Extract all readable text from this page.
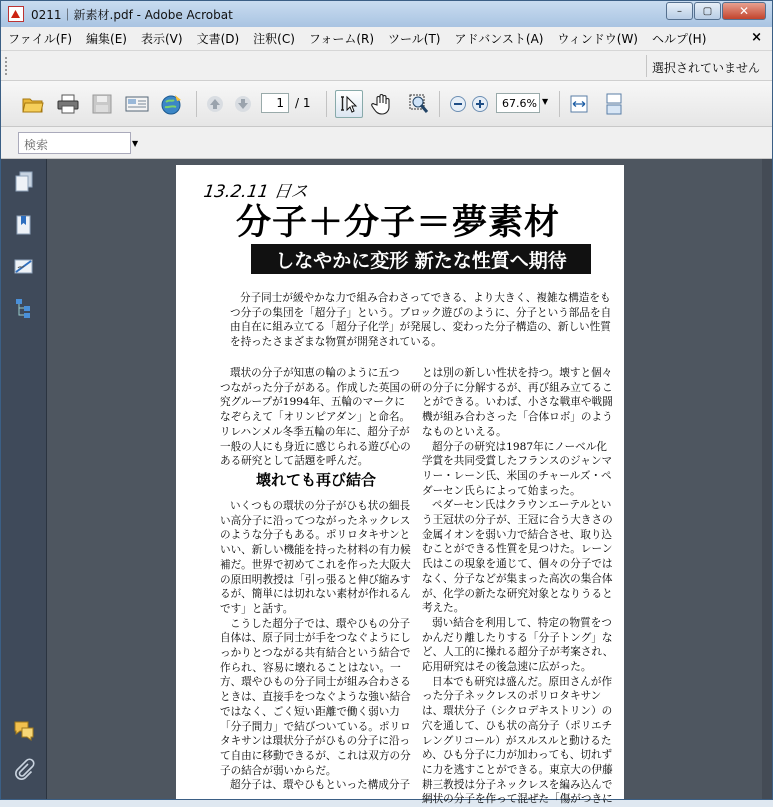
0211｜新素材.pdf - Adobe Acrobat	–	▢	✕
ファイル(F)	編集(E)	表示(V)	文書(D)	注釈(C)	フォーム(R)	ツール(T)	アドバンスト(A)	ウィンドウ(W)	ヘルプ(H)	×
選択されていません
1 / 1	67.6% ▼
検索	▼
13.2.11 日ス
分子＋分子＝夢素材
しなやかに変形 新たな性質へ期待
分子同士が緩やかな力で組み合わさってできる、より大きく、複雑な構造をも
つ分子の集団を「超分子」という。ブロック遊びのように、分子という部品を自
由自在に組み立てる「超分子化学」が発展し、変わった分子構造の、新しい性質
を持ったさまざまな物質が開発されている。
環状の分子が知恵の輪のように五つ
つながった分子がある。作成した英国の研
究グループが1994年、五輪のマークに
なぞらえて「オリンピアダン」と命名。
リレハンメル冬季五輪の年に、超分子が
一般の人にも身近に感じられる遊び心の
ある研究として話題を呼んだ。
壊れても再び結合
いくつもの環状の分子がひも状の細長
い高分子に沿ってつながったネックレス
のような分子もある。ポリロタキサンと
いい、新しい機能を持った材料の有力候
補だ。世界で初めてこれを作った大阪大
の原田明教授は「引っ張ると伸び縮みす
るが、簡単には切れない素材が作れるん
です」と話す。
こうした超分子では、環やひもの分子
自体は、原子同士が手をつなぐようにし
っかりとつながる共有結合という結合で
作られ、容易に壊れることはない。一
方、環やひもの分子同士が組み合わさる
ときは、直接手をつなぐような強い結合
ではなく、ごく短い距離で働く弱い力
「分子間力」で結びついている。ポリロ
タキサンは環状分子がひもの分子に沿っ
て自由に移動できるが、これは双方の分
子の結合が弱いからだ。
超分子は、環やひもといった構成分子
とは別の新しい性状を持つ。壊すと個々
の分子に分解するが、再び組み立てるこ
とができる。いわば、小さな戦車や戦闘
機が組み合わさった「合体ロボ」のよう
なものといえる。
超分子の研究は1987年にノーベル化
学賞を共同受賞したフランスのジャンマ
リー・レーン氏、米国のチャールズ・ペ
ダーセン氏らによって始まった。
ペダーセン氏はクラウンエーテルとい
う王冠状の分子が、王冠に合う大きさの
金属イオンを弱い力で結合させ、取り込
むことができる性質を見つけた。レーン
氏はこの現象を通じて、個々の分子では
なく、分子などが集まった高次の集合体
が、化学の新たな研究対象となりうると
考えた。
弱い結合を利用して、特定の物質をつ
かんだり離したりする「分子トング」な
ど、人工的に操れる超分子が考案され、
応用研究はその後急速に広がった。
日本でも研究は盛んだ。原田さんが作
った分子ネックレスのポリロタキサン
は、環状分子（シクロデキストリン）の
穴を通して、ひも状の高分子（ポリエチ
レングリコール）がスルスルと動けるた
め、ひも分子に力が加わっても、切れず
に力を逃すことができる。東京大の伊藤
耕三教授は分子ネックレスを編み込んで
網状の分子を作って混ぜた「傷がつきに
